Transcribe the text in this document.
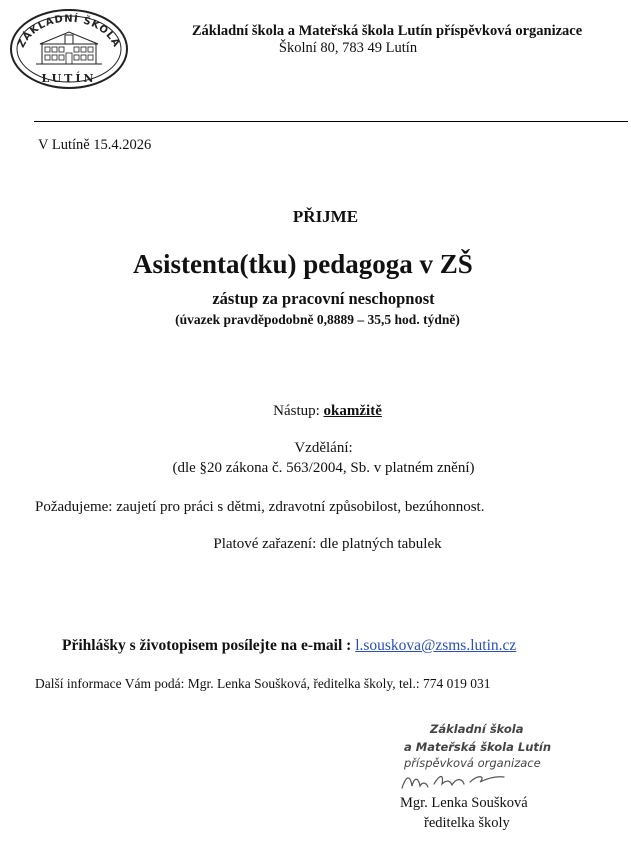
ZÁKLADNÍ ŠKOLA
LUTÍN
Základní škola a Mateřská škola Lutín příspěvková organizace
Školní 80, 783 49 Lutín
V Lutíně 15.4.2026
PŘIJME
Asistenta(tku) pedagoga v ZŠ
zástup za pracovní neschopnost
(úvazek pravděpodobně 0,8889 – 35,5 hod. týdně)
Nástup: okamžitě
Vzdělání:
(dle §20 zákona č. 563/2004, Sb. v platném znění)
Požadujeme: zaujetí pro práci s dětmi, zdravotní způsobilost, bezúhonnost.
Platové zařazení: dle platných tabulek
Přihlášky s životopisem posílejte na e-mail : l.souskova@zsms.lutin.cz
Další informace Vám podá: Mgr. Lenka Soušková, ředitelka školy, tel.: 774 019 031
Základní škola
a Mateřská škola Lutín
příspěvková organizace
Mgr. Lenka Soušková
ředitelka školy
